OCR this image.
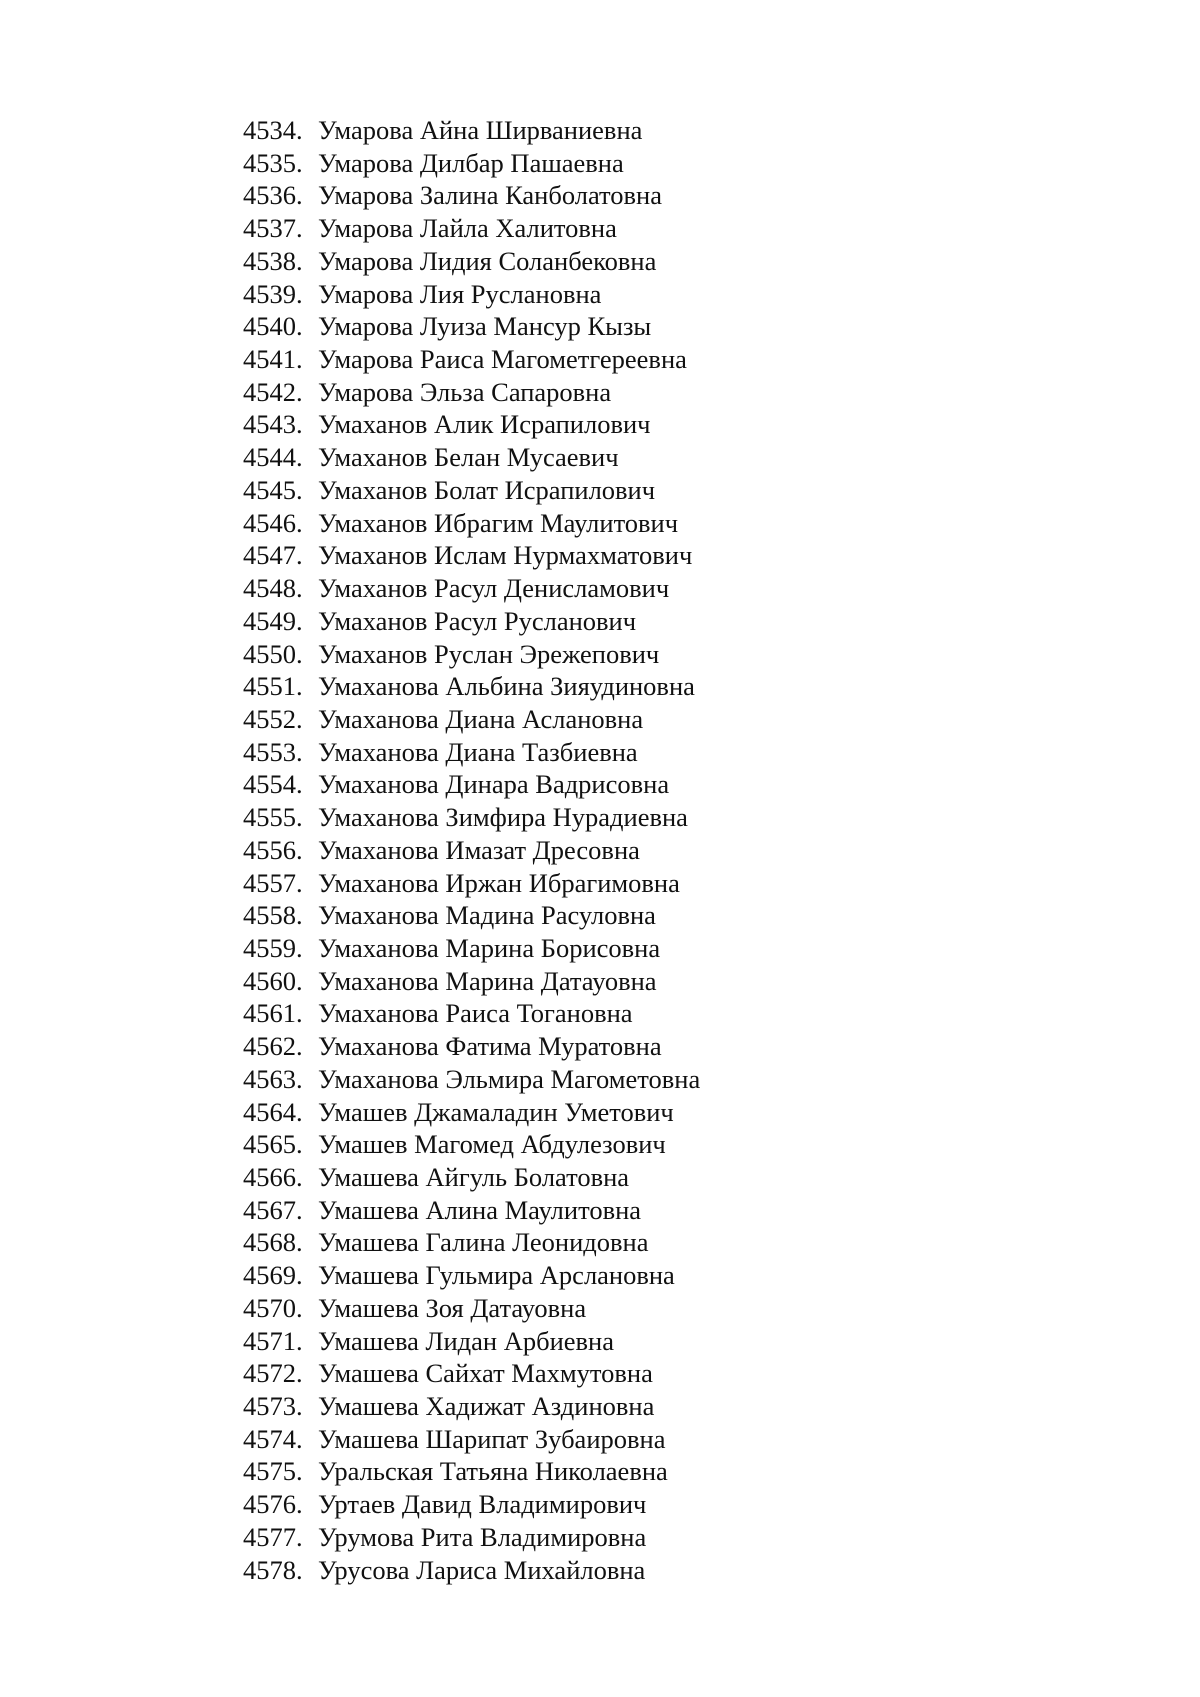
4534. Умарова Айна Ширваниевна
4535. Умарова Дилбар Пашаевна
4536. Умарова Залина Канболатовна
4537. Умарова Лайла Халитовна
4538. Умарова Лидия Соланбековна
4539. Умарова Лия Руслановна
4540. Умарова Луиза Мансур Кызы
4541. Умарова Раиса Магометгереевна
4542. Умарова Эльза Сапаровна
4543. Умаханов Алик Исрапилович
4544. Умаханов Белан Мусаевич
4545. Умаханов Болат Исрапилович
4546. Умаханов Ибрагим Маулитович
4547. Умаханов Ислам Нурмахматович
4548. Умаханов Расул Денисламович
4549. Умаханов Расул Русланович
4550. Умаханов Руслан Эрежепович
4551. Умаханова Альбина Зияудиновна
4552. Умаханова Диана Аслановна
4553. Умаханова Диана Тазбиевна
4554. Умаханова Динара Вадрисовна
4555. Умаханова Зимфира Нурадиевна
4556. Умаханова Имазат Дресовна
4557. Умаханова Иржан Ибрагимовна
4558. Умаханова Мадина Расуловна
4559. Умаханова Марина Борисовна
4560. Умаханова Марина Датауовна
4561. Умаханова Раиса Тогановна
4562. Умаханова Фатима Муратовна
4563. Умаханова Эльмира Магометовна
4564. Умашев Джамаладин Уметович
4565. Умашев Магомед Абдулезович
4566. Умашева Айгуль Болатовна
4567. Умашева Алина Маулитовна
4568. Умашева Галина Леонидовна
4569. Умашева Гульмира Арслановна
4570. Умашева Зоя Датауовна
4571. Умашева Лидан Арбиевна
4572. Умашева Сайхат Махмутовна
4573. Умашева Хадижат Аздиновна
4574. Умашева Шарипат Зубаировна
4575. Уральская Татьяна Николаевна
4576. Уртаев Давид Владимирович
4577. Урумова Рита Владимировна
4578. Урусова Лариса Михайловна
